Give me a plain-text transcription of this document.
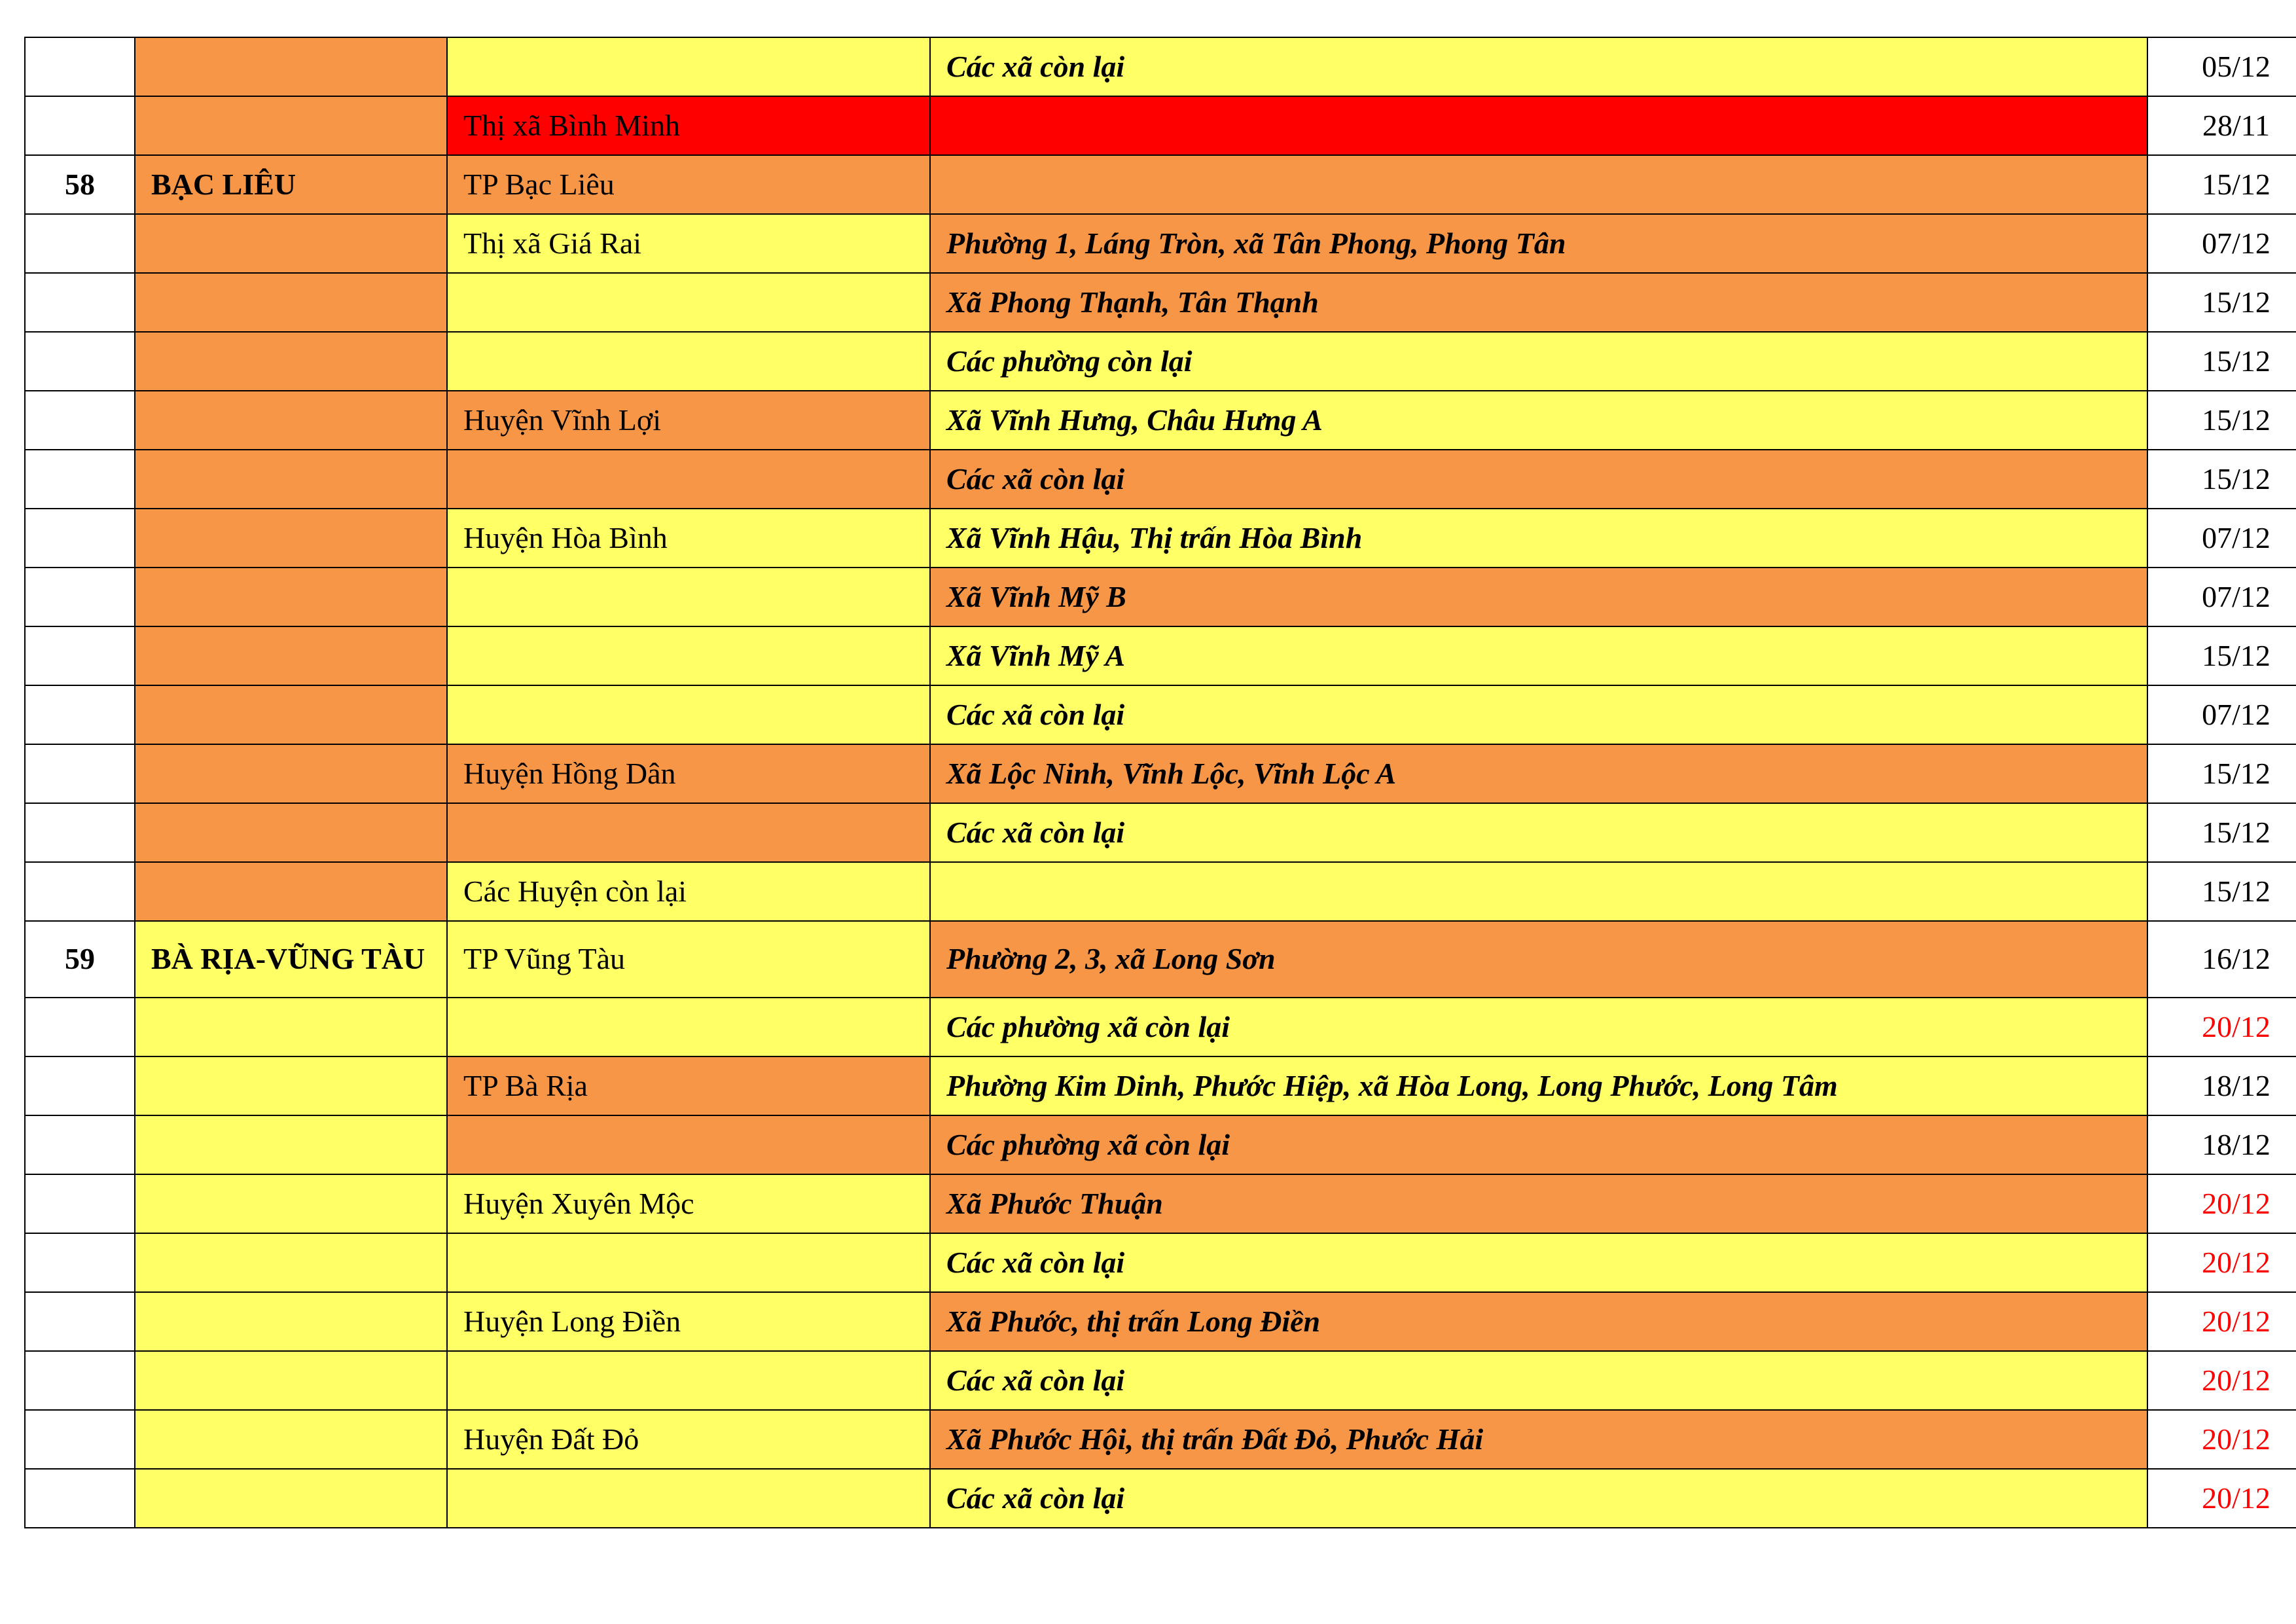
			Các xã còn lại	05/12
		Thị xã Bình Minh		28/11
58	BẠC LIÊU	TP Bạc Liêu		15/12
		Thị xã Giá Rai	Phường 1, Láng Tròn, xã Tân Phong, Phong Tân	07/12
			Xã Phong Thạnh, Tân Thạnh	15/12
			Các phường còn lại	15/12
		Huyện Vĩnh Lợi	Xã Vĩnh Hưng, Châu Hưng A	15/12
			Các xã còn lại	15/12
		Huyện Hòa Bình	Xã Vĩnh Hậu, Thị trấn Hòa Bình	07/12
			Xã Vĩnh Mỹ B	07/12
			Xã Vĩnh Mỹ A	15/12
			Các xã còn lại	07/12
		Huyện Hồng Dân	Xã Lộc Ninh, Vĩnh Lộc, Vĩnh Lộc A	15/12
			Các xã còn lại	15/12
		Các Huyện còn lại		15/12
59	BÀ RỊA-VŨNG TÀU	TP Vũng Tàu	Phường 2, 3, xã Long Sơn	16/12
			Các phường xã còn lại	20/12
		TP Bà Rịa	Phường Kim Dinh, Phước Hiệp, xã Hòa Long, Long Phước, Long Tâm	18/12
			Các phường xã còn lại	18/12
		Huyện Xuyên Mộc	Xã Phước Thuận	20/12
			Các xã còn lại	20/12
		Huyện Long Điền	Xã Phước, thị trấn Long Điền	20/12
			Các xã còn lại	20/12
		Huyện Đất Đỏ	Xã Phước Hội, thị trấn Đất Đỏ, Phước Hải	20/12
			Các xã còn lại	20/12
